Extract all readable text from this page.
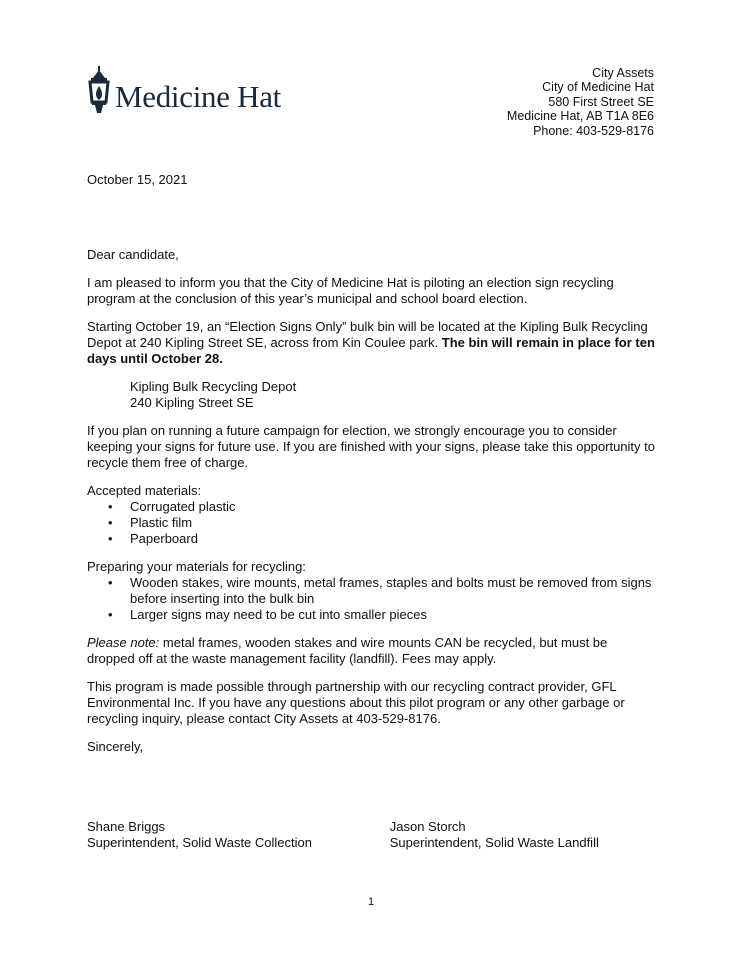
Medicine Hat
City Assets
City of Medicine Hat
580 First Street SE
Medicine Hat, AB T1A 8E6
Phone: 403-529-8176
October 15, 2021

Dear candidate,

I am pleased to inform you that the City of Medicine Hat is piloting an election sign recycling program at the conclusion of this year’s municipal and school board election.

Starting October 19, an “Election Signs Only” bulk bin will be located at the Kipling Bulk Recycling Depot at 240 Kipling Street SE, across from Kin Coulee park. The bin will remain in place for ten days until October 28.

Kipling Bulk Recycling Depot
240 Kipling Street SE

If you plan on running a future campaign for election, we strongly encourage you to consider keeping your signs for future use. If you are finished with your signs, please take this opportunity to recycle them free of charge.

Accepted materials:

• Corrugated plastic
• Plastic film
• Paperboard

Preparing your materials for recycling:

• Wooden stakes, wire mounts, metal frames, staples and bolts must be removed from signs before inserting into the bulk bin
• Larger signs may need to be cut into smaller pieces

Please note: metal frames, wooden stakes and wire mounts CAN be recycled, but must be dropped off at the waste management facility (landfill). Fees may apply.

This program is made possible through partnership with our recycling contract provider, GFL Environmental Inc. If you have any questions about this pilot program or any other garbage or recycling inquiry, please contact City Assets at 403-529-8176.

Sincerely,

Shane Briggs
Superintendent, Solid Waste Collection
Jason Storch
Superintendent, Solid Waste Landfill
1
